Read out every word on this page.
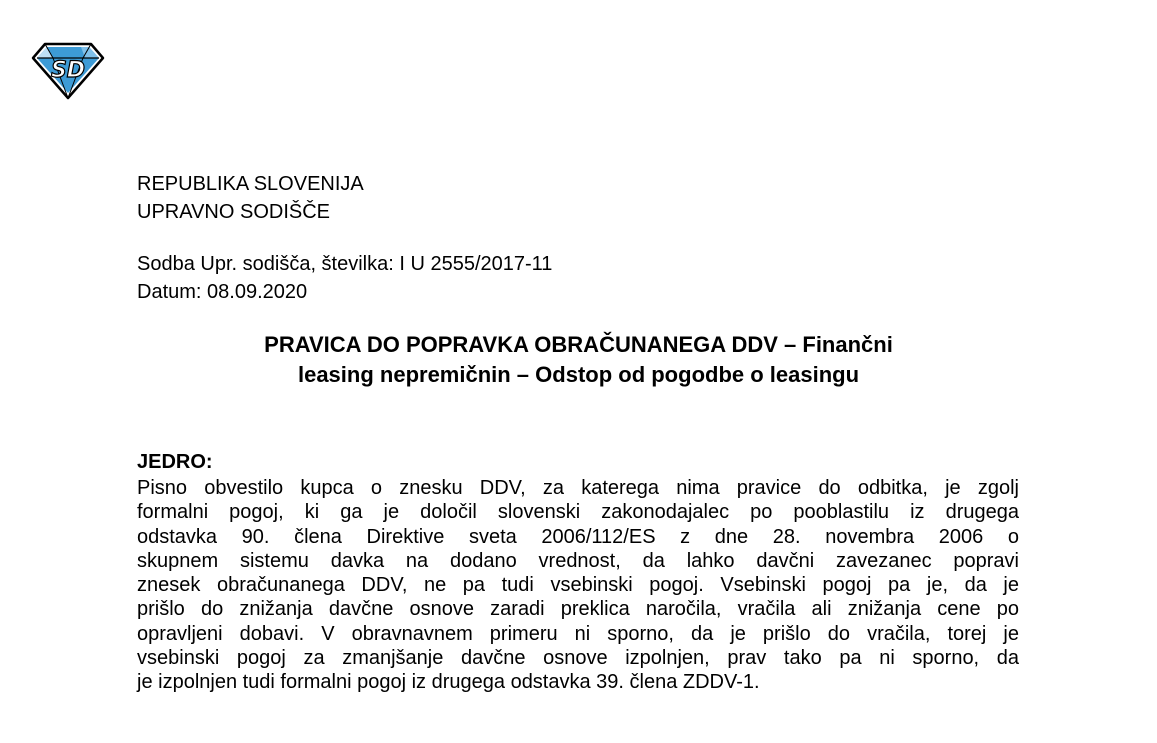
SD
REPUBLIKA SLOVENIJA
UPRAVNO SODIŠČE
Sodba Upr. sodišča, številka: I U 2555/2017-11
Datum: 08.09.2020
PRAVICA DO POPRAVKA OBRAČUNANEGA DDV – Finančni
leasing nepremičnin – Odstop od pogodbe o leasingu
JEDRO:
Pisno obvestilo kupca o znesku DDV, za katerega nima pravice do odbitka, je zgolj
formalni pogoj, ki ga je določil slovenski zakonodajalec po pooblastilu iz drugega
odstavka 90. člena Direktive sveta 2006/112/ES z dne 28. novembra 2006 o
skupnem sistemu davka na dodano vrednost, da lahko davčni zavezanec popravi
znesek obračunanega DDV, ne pa tudi vsebinski pogoj. Vsebinski pogoj pa je, da je
prišlo do znižanja davčne osnove zaradi preklica naročila, vračila ali znižanja cene po
opravljeni dobavi. V obravnavnem primeru ni sporno, da je prišlo do vračila, torej je
vsebinski pogoj za zmanjšanje davčne osnove izpolnjen, prav tako pa ni sporno, da
je izpolnjen tudi formalni pogoj iz drugega odstavka 39. člena ZDDV-1.
